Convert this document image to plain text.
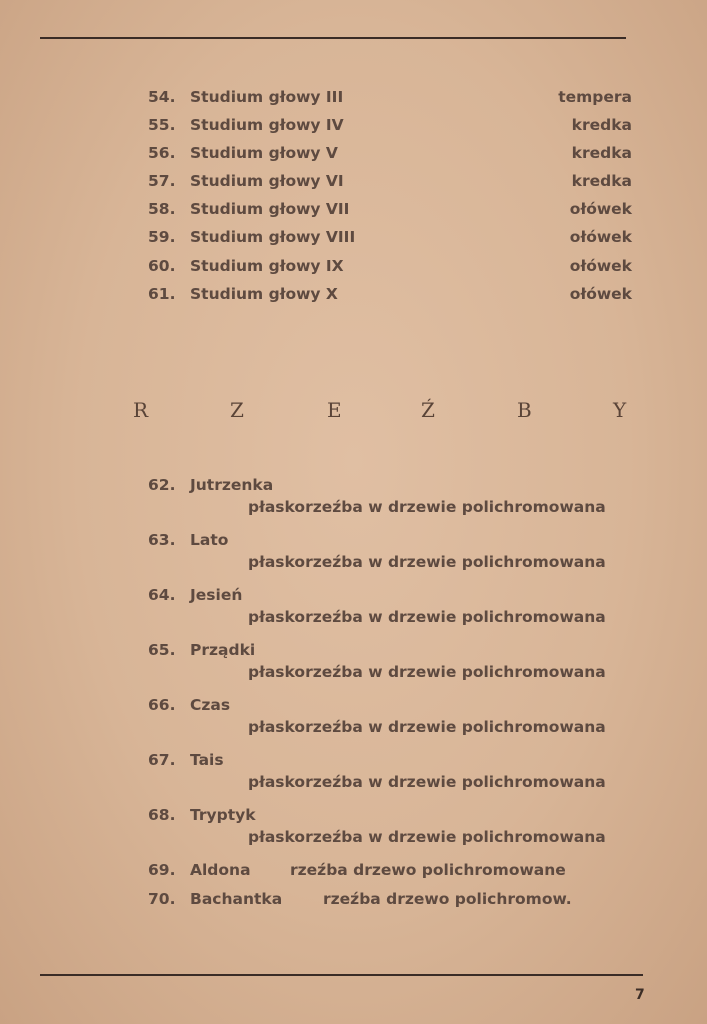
54. Studium głowy III	tempera
55. Studium głowy IV	kredka
56. Studium głowy V	kredka
57. Studium głowy VI	kredka
58. Studium głowy VII	ołówek
59. Studium głowy VIII	ołówek
60. Studium głowy IX	ołówek
61. Studium głowy X	ołówek
R	Z	E	Ź	B	Y
62. Jutrzenka
płaskorzeźba w drzewie polichromowana
63. Lato
płaskorzeźba w drzewie polichromowana
64. Jesień
płaskorzeźba w drzewie polichromowana
65. Prządki
płaskorzeźba w drzewie polichromowana
66. Czas
płaskorzeźba w drzewie polichromowana
67. Tais
płaskorzeźba w drzewie polichromowana
68. Tryptyk
płaskorzeźba w drzewie polichromowana
69. Aldona	rzeźba drzewo polichromowane
70. Bachantka	rzeźba drzewo polichromow.
7
